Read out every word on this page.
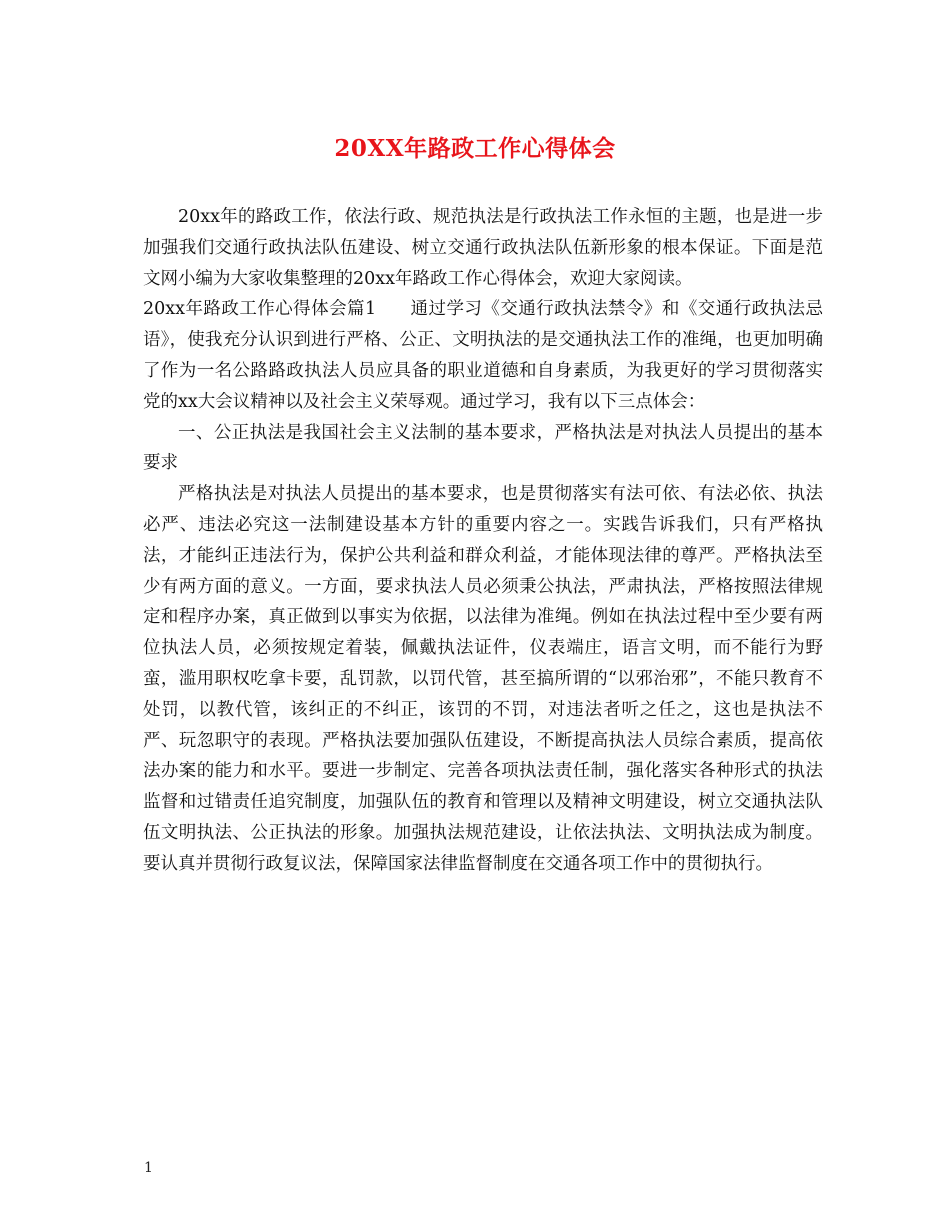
20XX年路政工作心得体会

20xx年的路政工作，依法行政、规范执法是行政执法工作永恒的主题，也是进一步加强我们交通行政执法队伍建设、树立交通行政执法队伍新形象的根本保证。下面是范文网小编为大家收集整理的20xx年路政工作心得体会，欢迎大家阅读。

20xx年路政工作心得体会篇1 通过学习《交通行政执法禁令》和《交通行政执法忌语》，使我充分认识到进行严格、公正、文明执法的是交通执法工作的准绳，也更加明确了作为一名公路路政执法人员应具备的职业道德和自身素质，为我更好的学习贯彻落实党的xx大会议精神以及社会主义荣辱观。通过学习，我有以下三点体会：

一、公正执法是我国社会主义法制的基本要求，严格执法是对执法人员提出的基本要求

严格执法是对执法人员提出的基本要求，也是贯彻落实有法可依、有法必依、执法必严、违法必究这一法制建设基本方针的重要内容之一。实践告诉我们，只有严格执法，才能纠正违法行为，保护公共利益和群众利益，才能体现法律的尊严。严格执法至少有两方面的意义。一方面，要求执法人员必须秉公执法，严肃执法，严格按照法律规定和程序办案，真正做到以事实为依据，以法律为准绳。例如在执法过程中至少要有两位执法人员，必须按规定着装，佩戴执法证件，仪表端庄，语言文明，而不能行为野蛮，滥用职权吃拿卡要，乱罚款，以罚代管，甚至搞所谓的“以邪治邪”，不能只教育不处罚，以教代管，该纠正的不纠正，该罚的不罚，对违法者听之任之，这也是执法不严、玩忽职守的表现。严格执法要加强队伍建设，不断提高执法人员综合素质，提高依法办案的能力和水平。要进一步制定、完善各项执法责任制，强化落实各种形式的执法监督和过错责任追究制度，加强队伍的教育和管理以及精神文明建设，树立交通执法队伍文明执法、公正执法的形象。加强执法规范建设，让依法执法、文明执法成为制度。要认真并贯彻行政复议法，保障国家法律监督制度在交通各项工作中的贯彻执行。

1
